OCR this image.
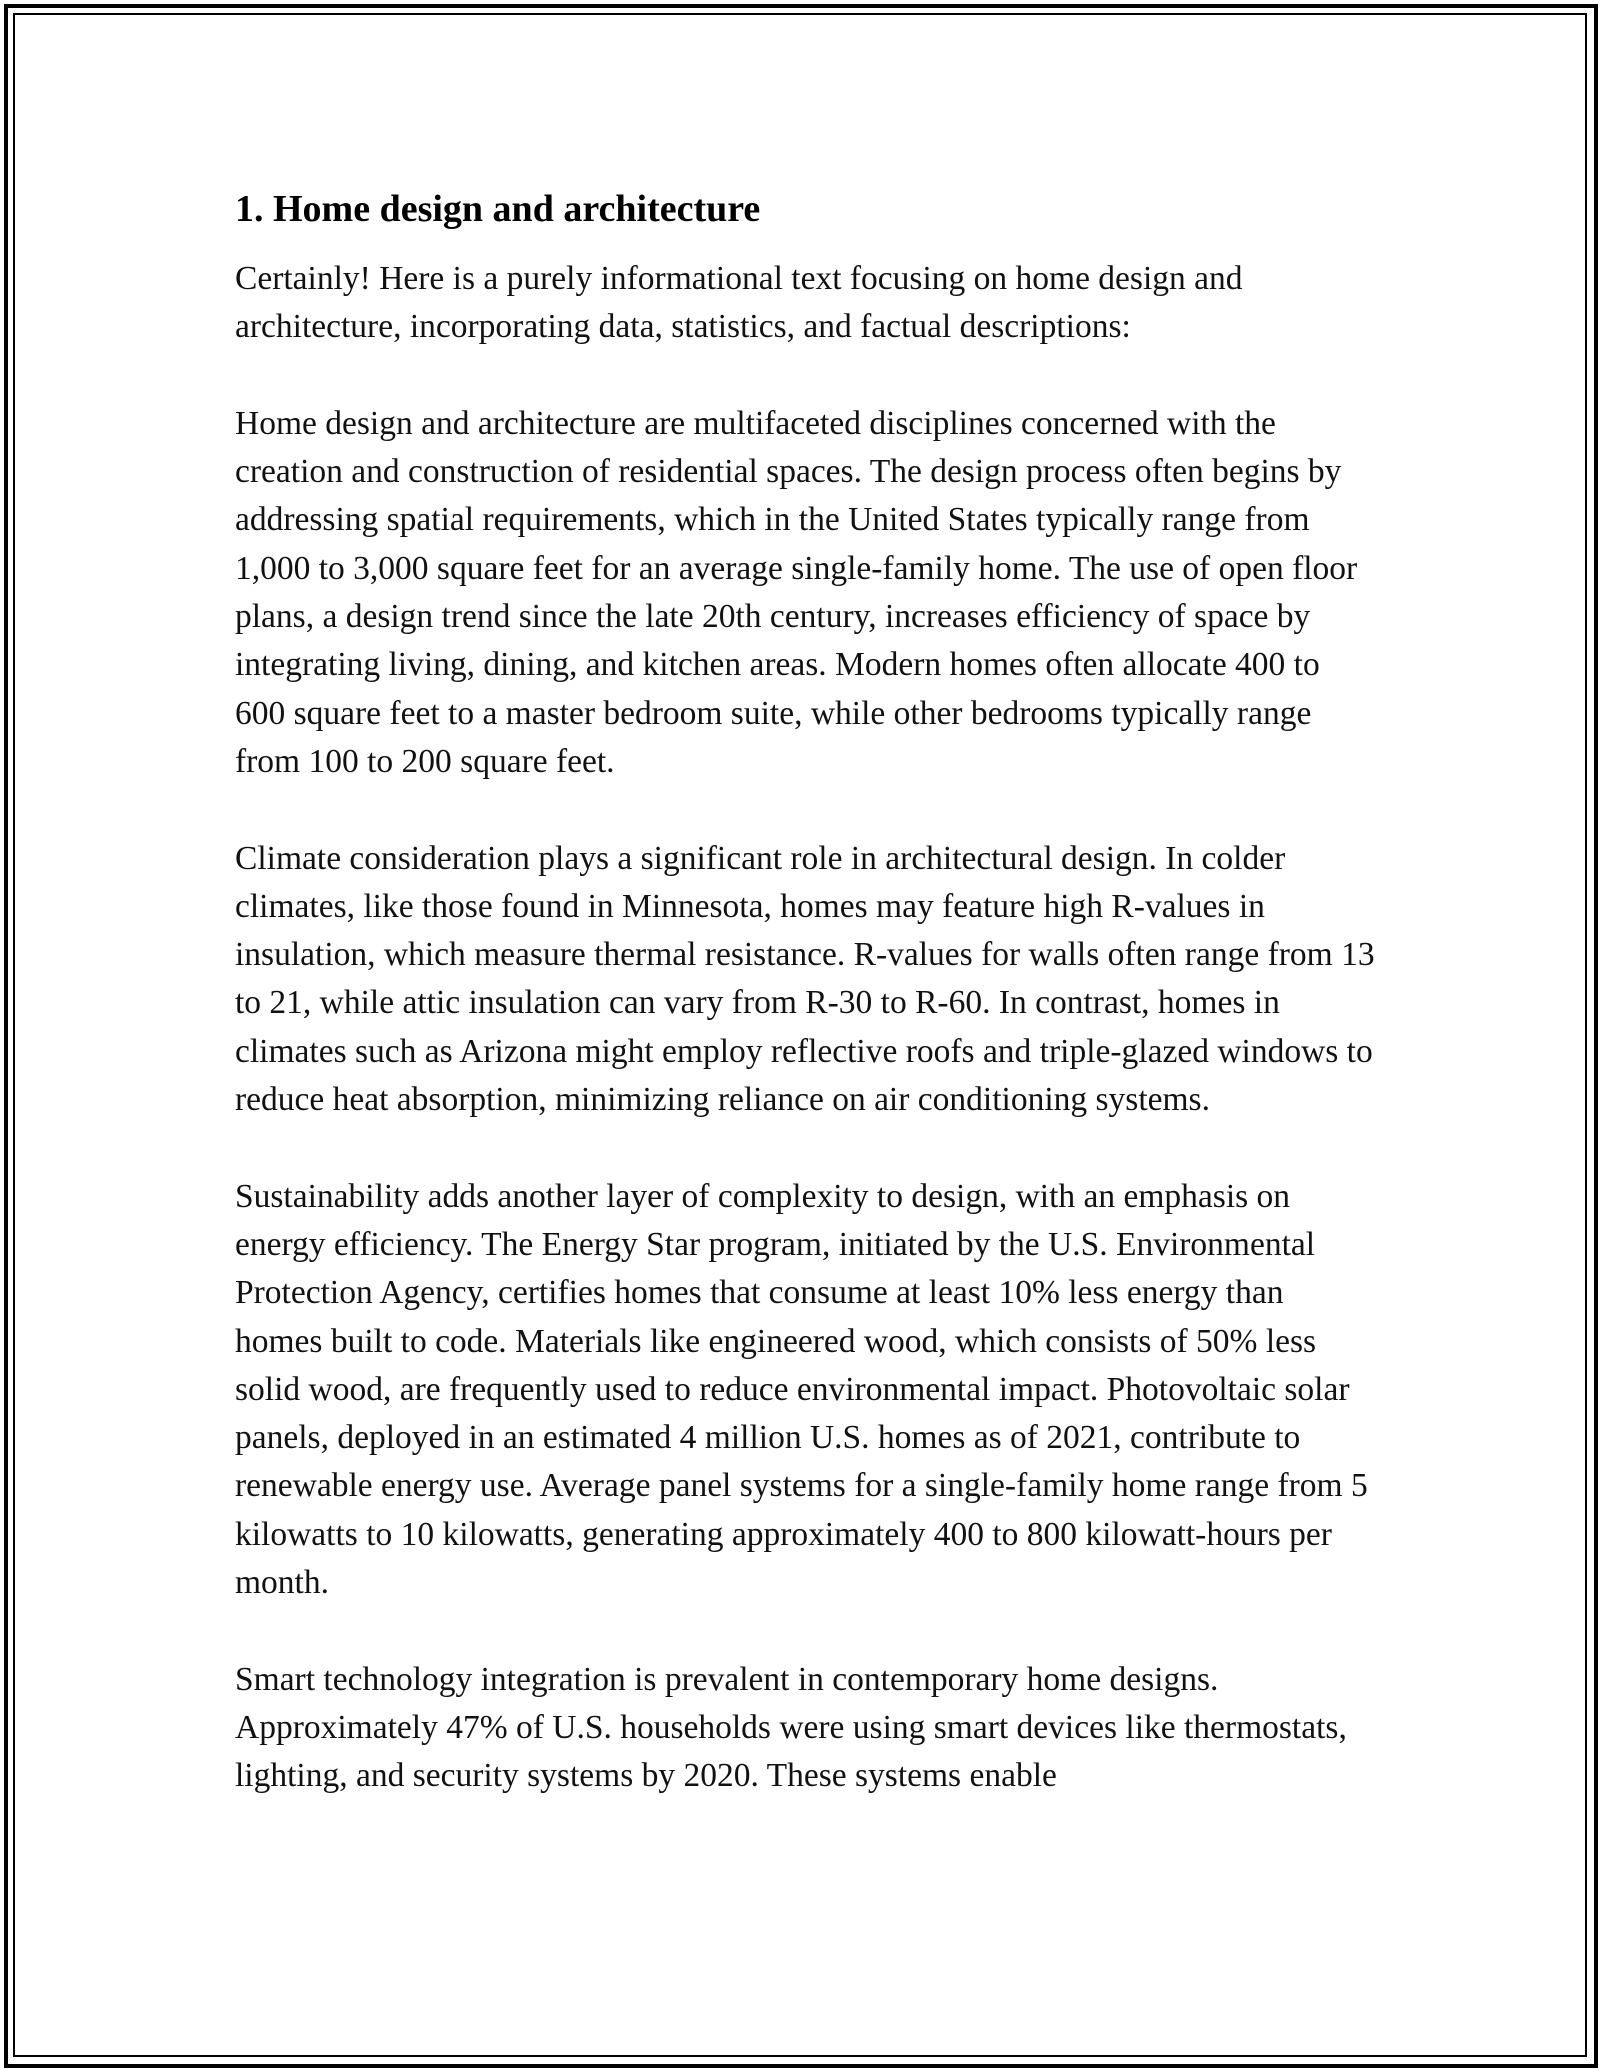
1. Home design and architecture

Certainly! Here is a purely informational text focusing on home design and architecture, incorporating data, statistics, and factual descriptions:

Home design and architecture are multifaceted disciplines concerned with the creation and construction of residential spaces. The design process often begins by addressing spatial requirements, which in the United States typically range from 1,000 to 3,000 square feet for an average single-family home. The use of open floor plans, a design trend since the late 20th century, increases efficiency of space by integrating living, dining, and kitchen areas. Modern homes often allocate 400 to 600 square feet to a master bedroom suite, while other bedrooms typically range from 100 to 200 square feet.

Climate consideration plays a significant role in architectural design. In colder climates, like those found in Minnesota, homes may feature high R-values in insulation, which measure thermal resistance. R-values for walls often range from 13 to 21, while attic insulation can vary from R-30 to R-60. In contrast, homes in climates such as Arizona might employ reflective roofs and triple-glazed windows to reduce heat absorption, minimizing reliance on air conditioning systems.

Sustainability adds another layer of complexity to design, with an emphasis on energy efficiency. The Energy Star program, initiated by the U.S. Environmental Protection Agency, certifies homes that consume at least 10% less energy than homes built to code. Materials like engineered wood, which consists of 50% less solid wood, are frequently used to reduce environmental impact. Photovoltaic solar panels, deployed in an estimated 4 million U.S. homes as of 2021, contribute to renewable energy use. Average panel systems for a single-family home range from 5 kilowatts to 10 kilowatts, generating approximately 400 to 800 kilowatt-hours per month.

Smart technology integration is prevalent in contemporary home designs. Approximately 47% of U.S. households were using smart devices like thermostats, lighting, and security systems by 2020. These systems enable
